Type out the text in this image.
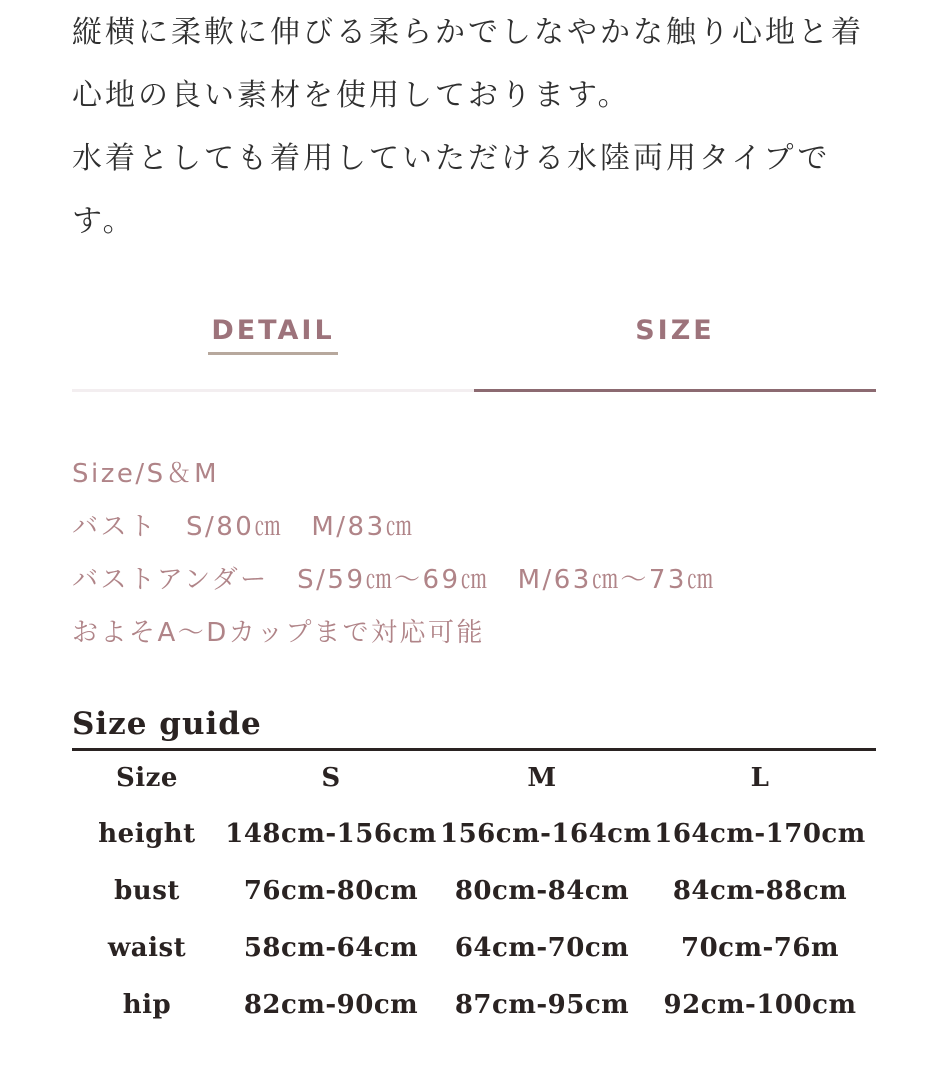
縦横に柔軟に伸びる柔らかでしなやかな触り心地と着
心地の良い素材を使用しております。
水着としても着用していただける水陸両用タイプで
す。
DETAIL	SIZE
Size/S＆M
バスト　S/80㎝　M/83㎝
バストアンダー　S/59㎝〜69㎝　M/63㎝〜73㎝
およそA〜Dカップまで対応可能
Size guide
Size	S	M	L
height	148cm-156cm 156cm-164cm 164cm-170cm
bust	76cm-80cm	80cm-84cm	84cm-88cm
waist	58cm-64cm	64cm-70cm	70cm-76m
hip	82cm-90cm	87cm-95cm	92cm-100cm
